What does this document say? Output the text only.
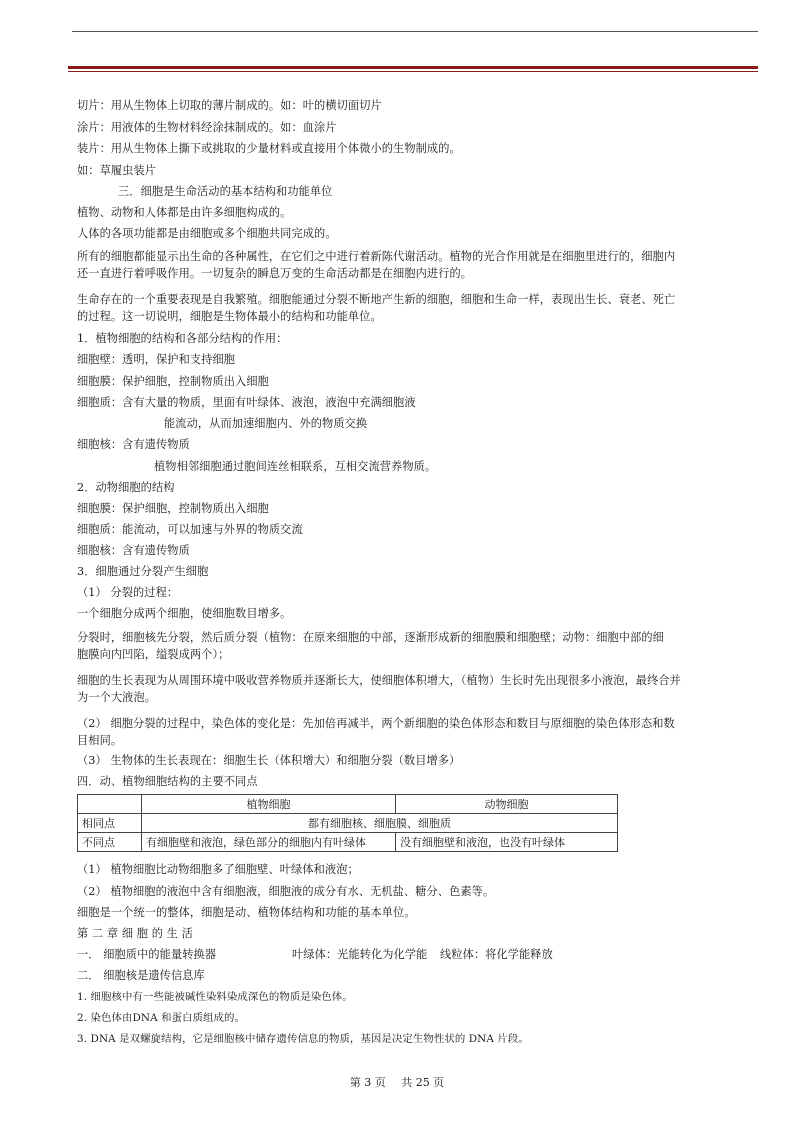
切片：用从生物体上切取的薄片制成的。如：叶的横切面切片
涂片：用液体的生物材料经涂抹制成的。如：血涂片
装片：用从生物体上撕下或挑取的少量材料或直接用个体微小的生物制成的。
如：草履虫装片
三．细胞是生命活动的基本结构和功能单位
植物、动物和人体都是由许多细胞构成的。
人体的各项功能都是由细胞或多个细胞共同完成的。
所有的细胞都能显示出生命的各种属性，在它们之中进行着新陈代谢活动。植物的光合作用就是在细胞里进行的，细胞内
还一直进行着呼吸作用。一切复杂的瞬息万变的生命活动都是在细胞内进行的。
生命存在的一个重要表现是自我繁殖。细胞能通过分裂不断地产生新的细胞，细胞和生命一样，表现出生长、衰老、死亡
的过程。这一切说明，细胞是生物体最小的结构和功能单位。
1．植物细胞的结构和各部分结构的作用：
细胞壁：透明，保护和支持细胞
细胞膜：保护细胞，控制物质出入细胞
细胞质：含有大量的物质，里面有叶绿体、液泡，液泡中充满细胞液
能流动，从而加速细胞内、外的物质交换
细胞核：含有遗传物质
植物相邻细胞通过胞间连丝相联系，互相交流营养物质。
2．动物细胞的结构
细胞膜：保护细胞，控制物质出入细胞
细胞质：能流动，可以加速与外界的物质交流
细胞核：含有遗传物质
3．细胞通过分裂产生细胞
（1） 分裂的过程：
一个细胞分成两个细胞，使细胞数目增多。
分裂时，细胞核先分裂，然后质分裂（植物：在原来细胞的中部，逐渐形成新的细胞膜和细胞壁；动物：细胞中部的细
胞膜向内凹陷，缢裂成两个）；
细胞的生长表现为从周围环境中吸收营养物质并逐渐长大，使细胞体积增大，（植物）生长时先出现很多小液泡，最终合并
为一个大液泡。
（2） 细胞分裂的过程中，染色体的变化是：先加倍再减半，两个新细胞的染色体形态和数目与原细胞的染色体形态和数
目相同。
（3） 生物体的生长表现在：细胞生长（体积增大）和细胞分裂（数目增多）
四．动、植物细胞结构的主要不同点
	植物细胞	动物细胞
相同点	都有细胞核、细胞膜、细胞质	
不同点	有细胞壁和液泡，绿色部分的细胞内有叶绿体	没有细胞壁和液泡，也没有叶绿体
（1） 植物细胞比动物细胞多了细胞壁、叶绿体和液泡；
（2） 植物细胞的液泡中含有细胞液，细胞液的成分有水、无机盐、糖分、色素等。
细胞是一个统一的整体，细胞是动、植物体结构和功能的基本单位。
第 二 章 细 胞 的 生 活
一． 细胞质中的能量转换器	叶绿体：光能转化为化学能 线粒体：将化学能释放
二． 细胞核是遗传信息库
1. 细胞核中有一些能被碱性染料染成深色的物质是染色体。
2. 染色体由DNA 和蛋白质组成的。
3. DNA 是双螺旋结构，它是细胞核中储存遗传信息的物质，基因是决定生物性状的 DNA 片段。
第 3 页 共 25 页
